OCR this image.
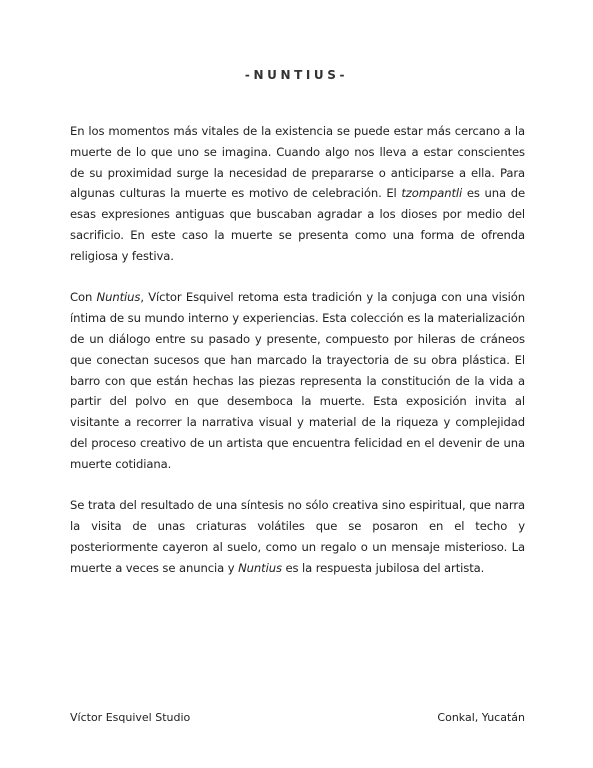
-NUNTIUS-

En los momentos más vitales de la existencia se puede estar más cercano a la muerte de lo que uno se imagina. Cuando algo nos lleva a estar conscientes de su proximidad surge la necesidad de prepararse o anticiparse a ella. Para algunas culturas la muerte es motivo de celebración. El tzompantli es una de esas expresiones antiguas que buscaban agradar a los dioses por medio del sacrificio. En este caso la muerte se presenta como una forma de ofrenda religiosa y festiva.

Con Nuntius, Víctor Esquivel retoma esta tradición y la conjuga con una visión íntima de su mundo interno y experiencias. Esta colección es la materialización de un diálogo entre su pasado y presente, compuesto por hileras de cráneos que conectan sucesos que han marcado la trayectoria de su obra plástica. El barro con que están hechas las piezas representa la constitución de la vida a partir del polvo en que desemboca la muerte. Esta exposición invita al visitante a recorrer la narrativa visual y material de la riqueza y complejidad del proceso creativo de un artista que encuentra felicidad en el devenir de una muerte cotidiana.

Se trata del resultado de una síntesis no sólo creativa sino espiritual, que narra la visita de unas criaturas volátiles que se posaron en el techo y posteriormente cayeron al suelo, como un regalo o un mensaje misterioso. La muerte a veces se anuncia y Nuntius es la respuesta jubilosa del artista.

Víctor Esquivel Studio	Conkal, Yucatán
